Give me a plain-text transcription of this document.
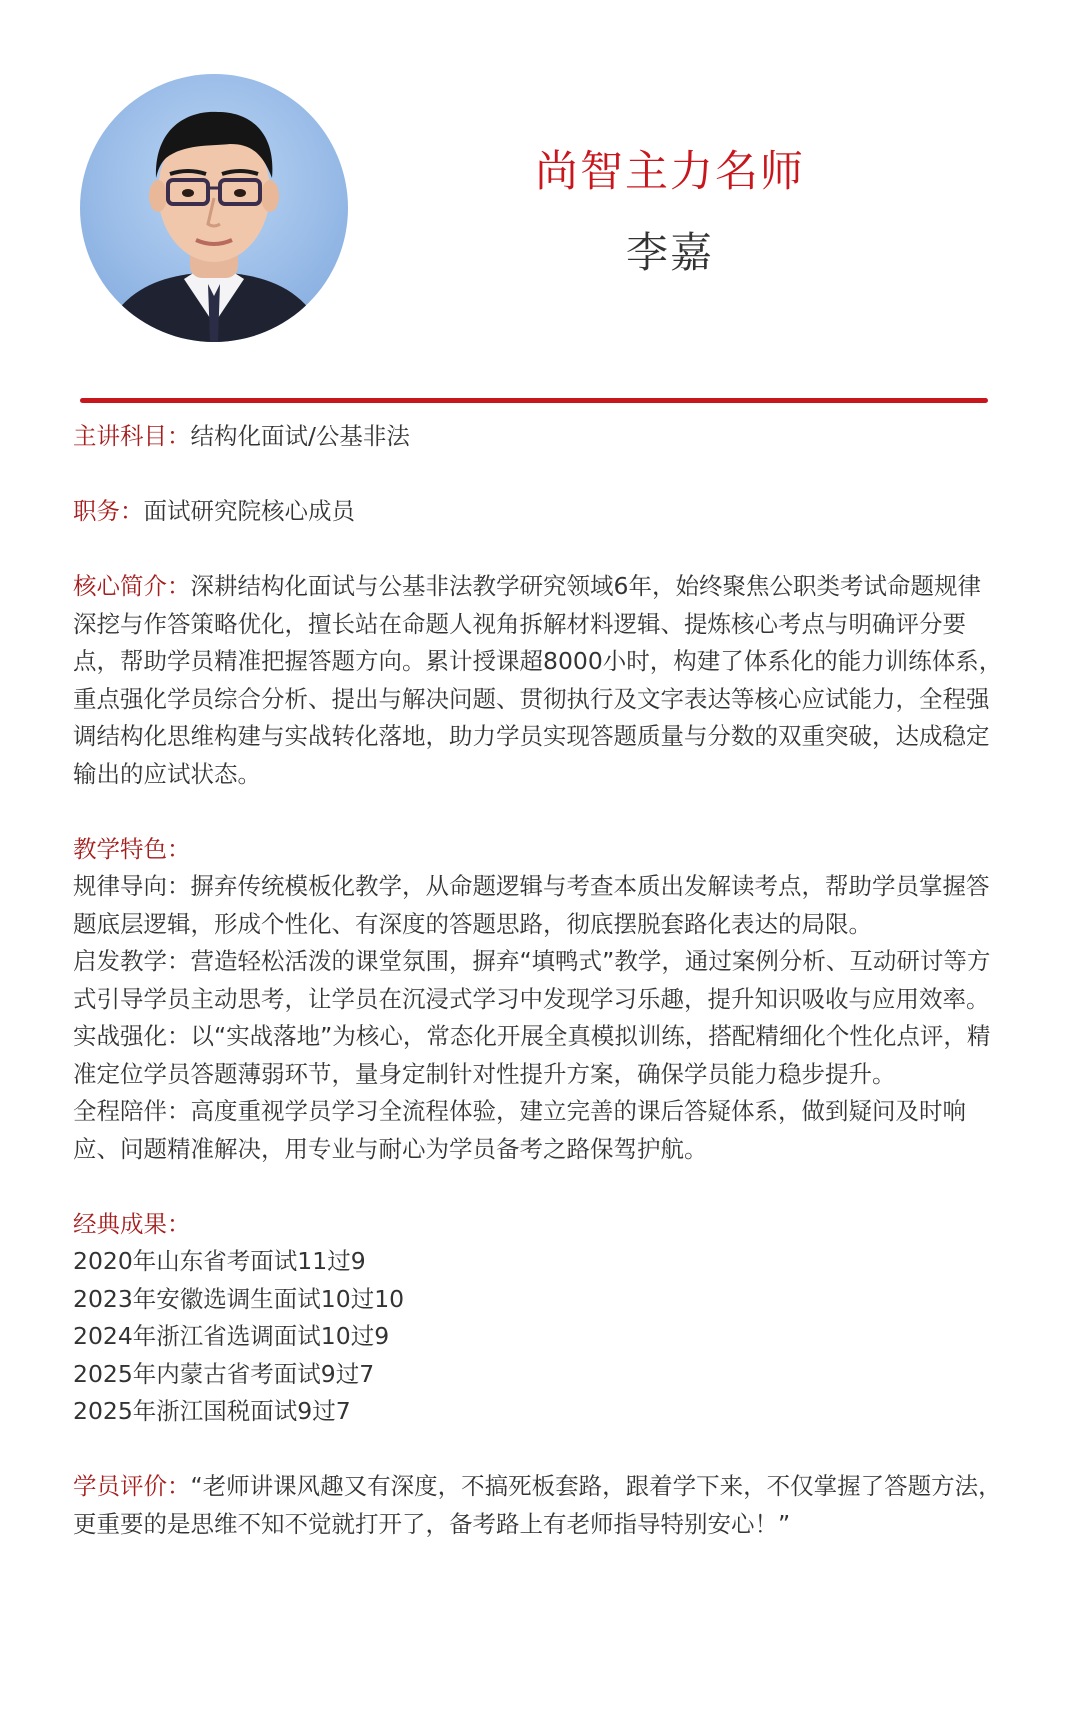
尚智主力名师
李嘉

主讲科目：结构化面试/公基非法

职务：面试研究院核心成员

核心简介：深耕结构化面试与公基非法教学研究领域6年，始终聚焦公职类考试命题规律深挖与作答策略优化，擅长站在命题人视角拆解材料逻辑、提炼核心考点与明确评分要点，帮助学员精准把握答题方向。累计授课超8000小时，构建了体系化的能力训练体系，重点强化学员综合分析、提出与解决问题、贯彻执行及文字表达等核心应试能力，全程强调结构化思维构建与实战转化落地，助力学员实现答题质量与分数的双重突破，达成稳定输出的应试状态。

教学特色：

规律导向：摒弃传统模板化教学，从命题逻辑与考查本质出发解读考点，帮助学员掌握答题底层逻辑，形成个性化、有深度的答题思路，彻底摆脱套路化表达的局限。

启发教学：营造轻松活泼的课堂氛围，摒弃“填鸭式”教学，通过案例分析、互动研讨等方式引导学员主动思考，让学员在沉浸式学习中发现学习乐趣，提升知识吸收与应用效率。

实战强化：以“实战落地”为核心，常态化开展全真模拟训练，搭配精细化个性化点评，精准定位学员答题薄弱环节，量身定制针对性提升方案，确保学员能力稳步提升。

全程陪伴：高度重视学员学习全流程体验，建立完善的课后答疑体系，做到疑问及时响应、问题精准解决，用专业与耐心为学员备考之路保驾护航。

经典成果：

2020年山东省考面试11过9
2023年安徽选调生面试10过10
2024年浙江省选调面试10过9
2025年内蒙古省考面试9过7
2025年浙江国税面试9过7

学员评价：“老师讲课风趣又有深度，不搞死板套路，跟着学下来，不仅掌握了答题方法，更重要的是思维不知不觉就打开了，备考路上有老师指导特别安心！”
